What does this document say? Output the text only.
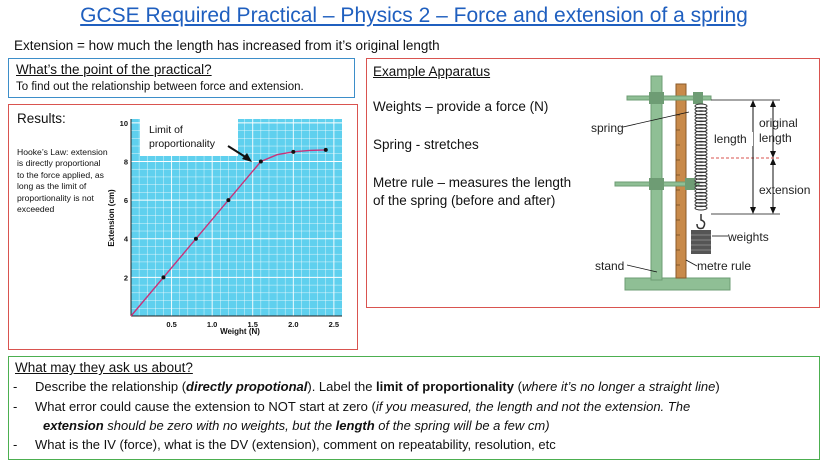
GCSE Required Practical – Physics 2 – Force and extension of a spring
Extension = how much the length has increased from it’s original length
What’s the point of the practical?
To find out the relationship between force and extension.
Results:
Hooke’s Law: extension is directly proportional to the force applied, as long as the limit of proportionality is not exceeded
0.5	1.0	1.5	2.0	2.5
2
4
6
8
10
Limit of
proportionality
Weight (N)
Extension (cm)
Example Apparatus
Weights – provide a force (N)
Spring - stretches
Metre rule – measures the length
of the spring (before and after)
spring
length
original
length
extension
weights
stand	metre rule
What may they ask us about?
- Describe the relationship (directly propotional). Label the limit of proportionality (where it’s no longer a straight line)
- What error could cause the extension to NOT start at zero (if you measured, the length and not the extension. The
extension should be zero with no weights, but the length of the spring will be a few cm)
- What is the IV (force), what is the DV (extension), comment on repeatability, resolution, etc
